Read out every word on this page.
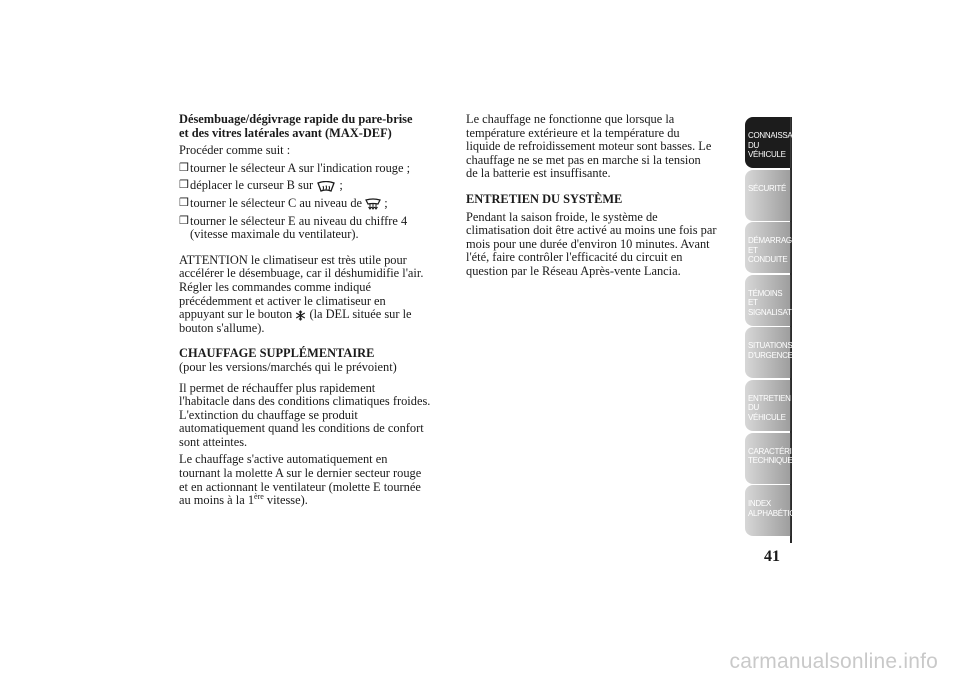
Désembuage/dégivrage rapide du pare-brise
et des vitres latérales avant (MAX-DEF)

Procéder comme suit :

❒ tourner le sélecteur A sur l'indication rouge ;
❒ déplacer le curseur B sur ;
❒ tourner le sélecteur C au niveau de ;
❒ tourner le sélecteur E au niveau du chiffre 4
(vitesse maximale du ventilateur).

ATTENTION le climatiseur est très utile pour
accélérer le désembuage, car il déshumidifie l'air.
Régler les commandes comme indiqué
précédemment et activer le climatiseur en
appuyant sur le bouton (la DEL située sur le
bouton s'allume).

CHAUFFAGE SUPPLÉMENTAIRE

(pour les versions/marchés qui le prévoient)

Il permet de réchauffer plus rapidement
l'habitacle dans des conditions climatiques froides.
L'extinction du chauffage se produit
automatiquement quand les conditions de confort
sont atteintes.

Le chauffage s'active automatiquement en
tournant la molette A sur le dernier secteur rouge
et en actionnant le ventilateur (molette E tournée
au moins à la 1ère vitesse).

Le chauffage ne fonctionne que lorsque la
température extérieure et la température du
liquide de refroidissement moteur sont basses. Le
chauffage ne se met pas en marche si la tension
de la batterie est insuffisante.

ENTRETIEN DU SYSTÈME

Pendant la saison froide, le système de
climatisation doit être activé au moins une fois par
mois pour une durée d'environ 10 minutes. Avant
l'été, faire contrôler l'efficacité du circuit en
question par le Réseau Après-vente Lancia.

CONNAISSANCE DU
VÉHICULE
SÉCURITÉ

DÉMARRAGE ET
CONDUITE
TÉMOINS ET
SIGNALISATION
SITUATIONS
D'URGENCE
ENTRETIEN DU
VÉHICULE
CARACTÉRISTIQUES
TECHNIQUES
INDEX
ALPHABÉTIQUE
41
carmanualsonline.info
